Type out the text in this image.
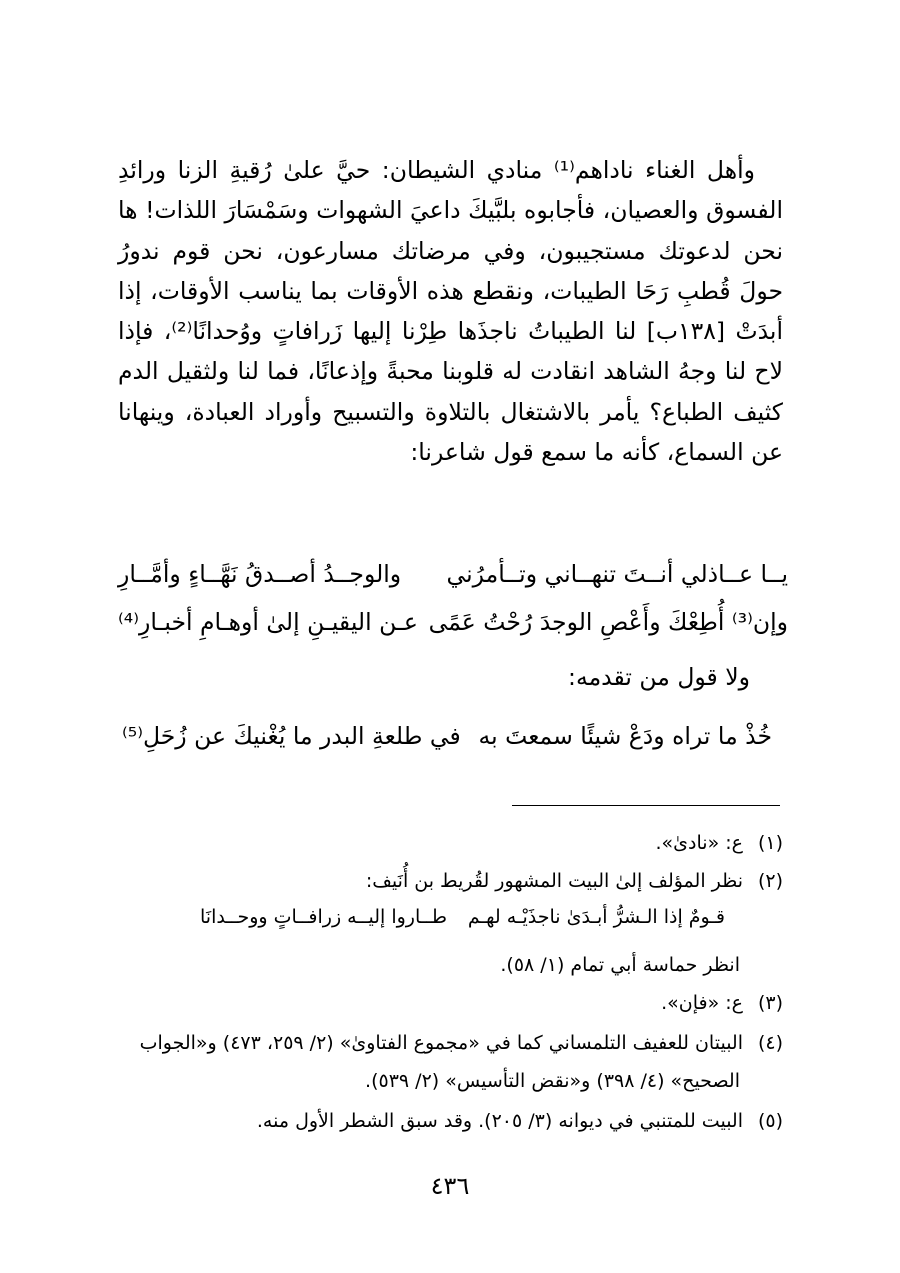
وأهل الغناء ناداهم⁽¹⁾ منادي الشيطان: حيَّ علىٰ رُقيةِ الزنا ورائدِ الفسوق والعصيان، فأجابوه بلبَّيكَ داعيَ الشهوات وسَمْسَارَ اللذات! ها نحن لدعوتك مستجيبون، وفي مرضاتك مسارعون، نحن قوم ندورُ حولَ قُطبِ رَحَا الطيبات، ونقطع هذه الأوقات بما يناسب الأوقات، إذا أبدَتْ [١٣٨ب] لنا الطيباتُ ناجذَها طِرْنا إليها زَرافاتٍ ووُحدانًا⁽²⁾، فإذا لاح لنا وجهُ الشاهد انقادت له قلوبنا محبةً وإذعانًا، فما لنا ولثقيل الدم كثيف الطباع؟ يأمر بالاشتغال بالتلاوة والتسبيح وأوراد العبادة، وينهانا عن السماع، كأنه ما سمع قول شاعرنا:

يــا عــاذلي أنــتَ تنهــاني وتــأمرُني
والوجــدُ أصــدقُ نَهَّــاءٍ وأمَّــارِ
وإن⁽³⁾ أُطِعْكَ وأَعْصِ الوجدَ رُحْتُ عَمًى
عـن اليقيـنِ إلىٰ أوهـامِ أخبـارِ⁽⁴⁾
ولا قول من تقدمه:
خُذْ ما تراه ودَعْ شيئًا سمعتَ به
في طلعةِ البدر ما يُغْنيكَ عن زُحَلِ⁽⁵⁾
(١)ع: «نادىٰ».
(٢)نظر المؤلف إلىٰ البيت المشهور لقُريط بن أُنَيف:
قـومٌ إذا الـشرُّ أبـدَىٰ ناجذَيْـه لهـم
طــاروا إليــه زرافــاتٍ ووحــدانَا
انظر حماسة أبي تمام (١/ ٥٨).
(٣)ع: «فإن».
(٤)البيتان للعفيف التلمساني كما في «مجموع الفتاوىٰ» (٢/ ٢٥٩، ٤٧٣) و«الجواب
الصحيح» (٤/ ٣٩٨) و«نقض التأسيس» (٢/ ٥٣٩).
(٥)البيت للمتنبي في ديوانه (٣/ ٢٠٥). وقد سبق الشطر الأول منه.
٤٣٦
